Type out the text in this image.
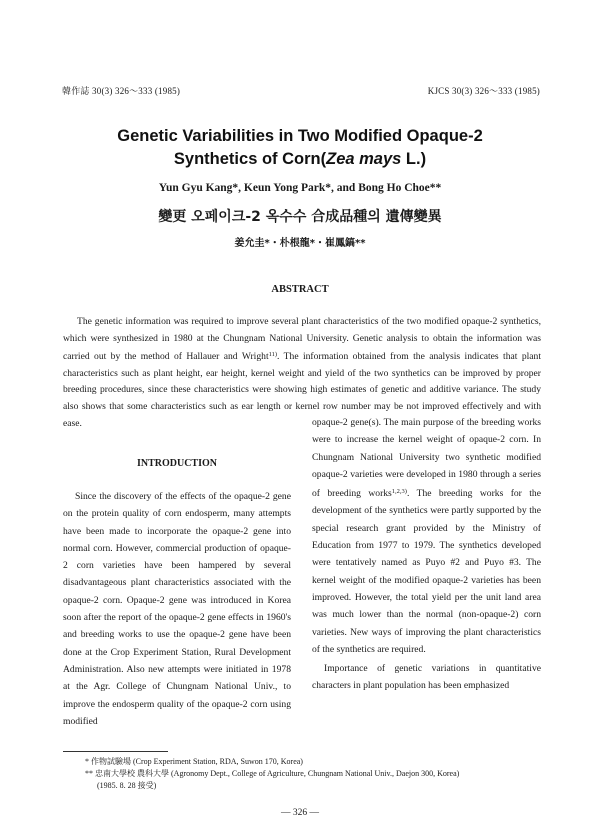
韓作誌 30(3) 326～333 (1985)	KJCS 30(3) 326～333 (1985)
Genetic Variabilities in Two Modified Opaque-2
Synthetics of Corn(Zea mays L.)
Yun Gyu Kang*, Keun Yong Park*, and Bong Ho Choe**
變更 오페이크-2 옥수수 合成品種의 遺傳變異
姜允圭*・朴根龍*・崔鳳鎬**
ABSTRACT

The genetic information was required to improve several plant characteristics of the two modified opaque-2 synthetics, which were synthesized in 1980 at the Chungnam National University. Genetic analysis to obtain the information was carried out by the method of Hallauer and Wright$^{11)}$. The information obtained from the analysis indicates that plant characteristics such as plant height, ear height, kernel weight and yield of the two synthetics can be improved by proper breeding procedures, since these characteristics were showing high estimates of genetic and additive variance. The study also shows that some characteristics such as ear length or kernel row number may be not improved effectively and with ease.

INTRODUCTION

Since the discovery of the effects of the opaque-2 gene on the protein quality of corn endosperm, many attempts have been made to incorporate the opaque-2 gene into normal corn. However, commercial production of opaque-2 corn varieties have been hampered by several disadvantageous plant characteristics associated with the opaque-2 corn. Opaque-2 gene was introduced in Korea soon after the report of the opaque-2 gene effects in 1960's and breeding works to use the opaque-2 gene have been done at the Crop Experiment Station, Rural Development Administration. Also new attempts were initiated in 1978 at the Agr. College of Chungnam National Univ., to improve the endosperm quality of the opaque-2 corn using modified

opaque-2 gene(s). The main purpose of the breeding works were to increase the kernel weight of opaque-2 corn. In Chungnam National University two synthetic modified opaque-2 varieties were developed in 1980 through a series of breeding works$^{1,2,3)}$. The breeding works for the development of the synthetics were partly supported by the special research grant provided by the Ministry of Education from 1977 to 1979. The synthetics developed were tentatively named as Puyo #2 and Puyo #3. The kernel weight of the modified opaque-2 varieties has been improved. However, the total yield per the unit land area was much lower than the normal (non-opaque-2) corn varieties. New ways of improving the plant characteristics of the synthetics are required.

Importance of genetic variations in quantitative characters in plant population has been emphasized

* 作物試驗場 (Crop Experiment Station, RDA, Suwon 170, Korea)
** 忠南大學校 農科大學 (Agronomy Dept., College of Agriculture, Chungnam National Univ., Daejon 300, Korea)
(1985. 8. 28 接受)
— 326 —
